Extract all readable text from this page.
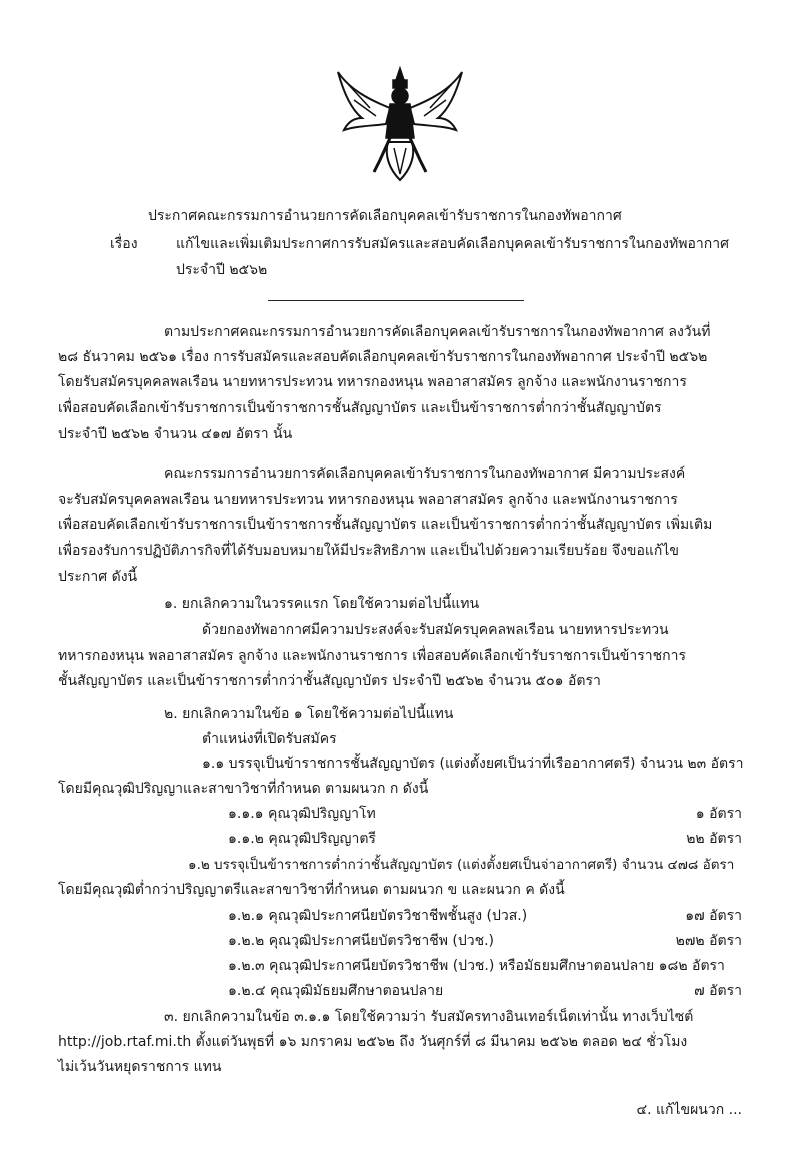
ประกาศคณะกรรมการอำนวยการคัดเลือกบุคคลเข้ารับราชการในกองทัพอากาศ
เรื่อง	แก้ไขและเพิ่มเติมประกาศการรับสมัครและสอบคัดเลือกบุคคลเข้ารับราชการในกองทัพอากาศ
ประจำปี ๒๕๖๒
ตามประกาศคณะกรรมการอำนวยการคัดเลือกบุคคลเข้ารับราชการในกองทัพอากาศ ลงวันที่
๒๘ ธันวาคม ๒๕๖๑ เรื่อง การรับสมัครและสอบคัดเลือกบุคคลเข้ารับราชการในกองทัพอากาศ ประจำปี ๒๕๖๒
โดยรับสมัครบุคคลพลเรือน นายทหารประทวน ทหารกองหนุน พลอาสาสมัคร ลูกจ้าง และพนักงานราชการ
เพื่อสอบคัดเลือกเข้ารับราชการเป็นข้าราชการชั้นสัญญาบัตร และเป็นข้าราชการต่ำกว่าชั้นสัญญาบัตร
ประจำปี ๒๕๖๒ จำนวน ๔๑๗ อัตรา นั้น
คณะกรรมการอำนวยการคัดเลือกบุคคลเข้ารับราชการในกองทัพอากาศ มีความประสงค์
จะรับสมัครบุคคลพลเรือน นายทหารประทวน ทหารกองหนุน พลอาสาสมัคร ลูกจ้าง และพนักงานราชการ
เพื่อสอบคัดเลือกเข้ารับราชการเป็นข้าราชการชั้นสัญญาบัตร และเป็นข้าราชการต่ำกว่าชั้นสัญญาบัตร เพิ่มเติม
เพื่อรองรับการปฏิบัติภารกิจที่ได้รับมอบหมายให้มีประสิทธิภาพ และเป็นไปด้วยความเรียบร้อย จึงขอแก้ไข
ประกาศ ดังนี้
๑. ยกเลิกความในวรรคแรก โดยใช้ความต่อไปนี้แทน
ด้วยกองทัพอากาศมีความประสงค์จะรับสมัครบุคคลพลเรือน นายทหารประทวน
ทหารกองหนุน พลอาสาสมัคร ลูกจ้าง และพนักงานราชการ เพื่อสอบคัดเลือกเข้ารับราชการเป็นข้าราชการ
ชั้นสัญญาบัตร และเป็นข้าราชการต่ำกว่าชั้นสัญญาบัตร ประจำปี ๒๕๖๒ จำนวน ๕๐๑ อัตรา
๒. ยกเลิกความในข้อ ๑ โดยใช้ความต่อไปนี้แทน
ตำแหน่งที่เปิดรับสมัคร
๑.๑ บรรจุเป็นข้าราชการชั้นสัญญาบัตร (แต่งตั้งยศเป็นว่าที่เรืออากาศตรี) จำนวน ๒๓ อัตรา
โดยมีคุณวุฒิปริญญาและสาขาวิชาที่กำหนด ตามผนวก ก ดังนี้
๑.๑.๑ คุณวุฒิปริญญาโท	๑ อัตรา
๑.๑.๒ คุณวุฒิปริญญาตรี	๒๒ อัตรา
๑.๒ บรรจุเป็นข้าราชการต่ำกว่าชั้นสัญญาบัตร (แต่งตั้งยศเป็นจ่าอากาศตรี) จำนวน ๔๗๘ อัตรา
โดยมีคุณวุฒิต่ำกว่าปริญญาตรีและสาขาวิชาที่กำหนด ตามผนวก ข และผนวก ค ดังนี้
๑.๒.๑ คุณวุฒิประกาศนียบัตรวิชาชีพชั้นสูง (ปวส.)	๑๗ อัตรา
๑.๒.๒ คุณวุฒิประกาศนียบัตรวิชาชีพ (ปวช.)	๒๗๒ อัตรา
๑.๒.๓ คุณวุฒิประกาศนียบัตรวิชาชีพ (ปวช.) หรือมัธยมศึกษาตอนปลาย ๑๘๒ อัตรา
๑.๒.๔ คุณวุฒิมัธยมศึกษาตอนปลาย	๗ อัตรา
๓. ยกเลิกความในข้อ ๓.๑.๑ โดยใช้ความว่า รับสมัครทางอินเทอร์เน็ตเท่านั้น ทางเว็บไซต์
http://job.rtaf.mi.th ตั้งแต่วันพุธที่ ๑๖ มกราคม ๒๕๖๒ ถึง วันศุกร์ที่ ๘ มีนาคม ๒๕๖๒ ตลอด ๒๔ ชั่วโมง
ไม่เว้นวันหยุดราชการ แทน
๔. แก้ไขผนวก ...
